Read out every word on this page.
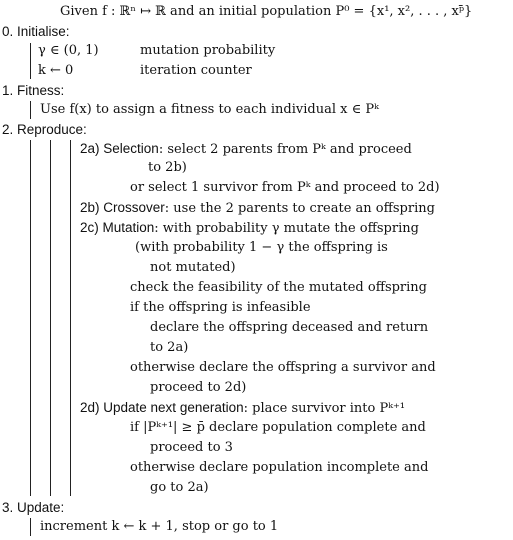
Given f : ℝⁿ ↦ ℝ and an initial population P⁰ = {x¹, x², . . . , xᵖ̄}
0. Initialise:
γ ∈ (0, 1)	mutation probability
k ← 0	iteration counter
1. Fitness:
Use f(x) to assign a fitness to each individual x ∈ Pᵏ
2. Reproduce:
2a) Selection: select 2 parents from Pᵏ and proceed
to 2b)
or select 1 survivor from Pᵏ and proceed to 2d)
2b) Crossover: use the 2 parents to create an offspring
2c) Mutation: with probability γ mutate the offspring
(with probability 1 − γ the offspring is
not mutated)
check the feasibility of the mutated offspring
if the offspring is infeasible
declare the offspring deceased and return
to 2a)
otherwise declare the offspring a survivor and
proceed to 2d)
2d) Update next generation: place survivor into Pᵏ⁺¹
if |Pᵏ⁺¹| ≥ p̄ declare population complete and
proceed to 3
otherwise declare population incomplete and
go to 2a)
3. Update:
increment k ← k + 1, stop or go to 1
